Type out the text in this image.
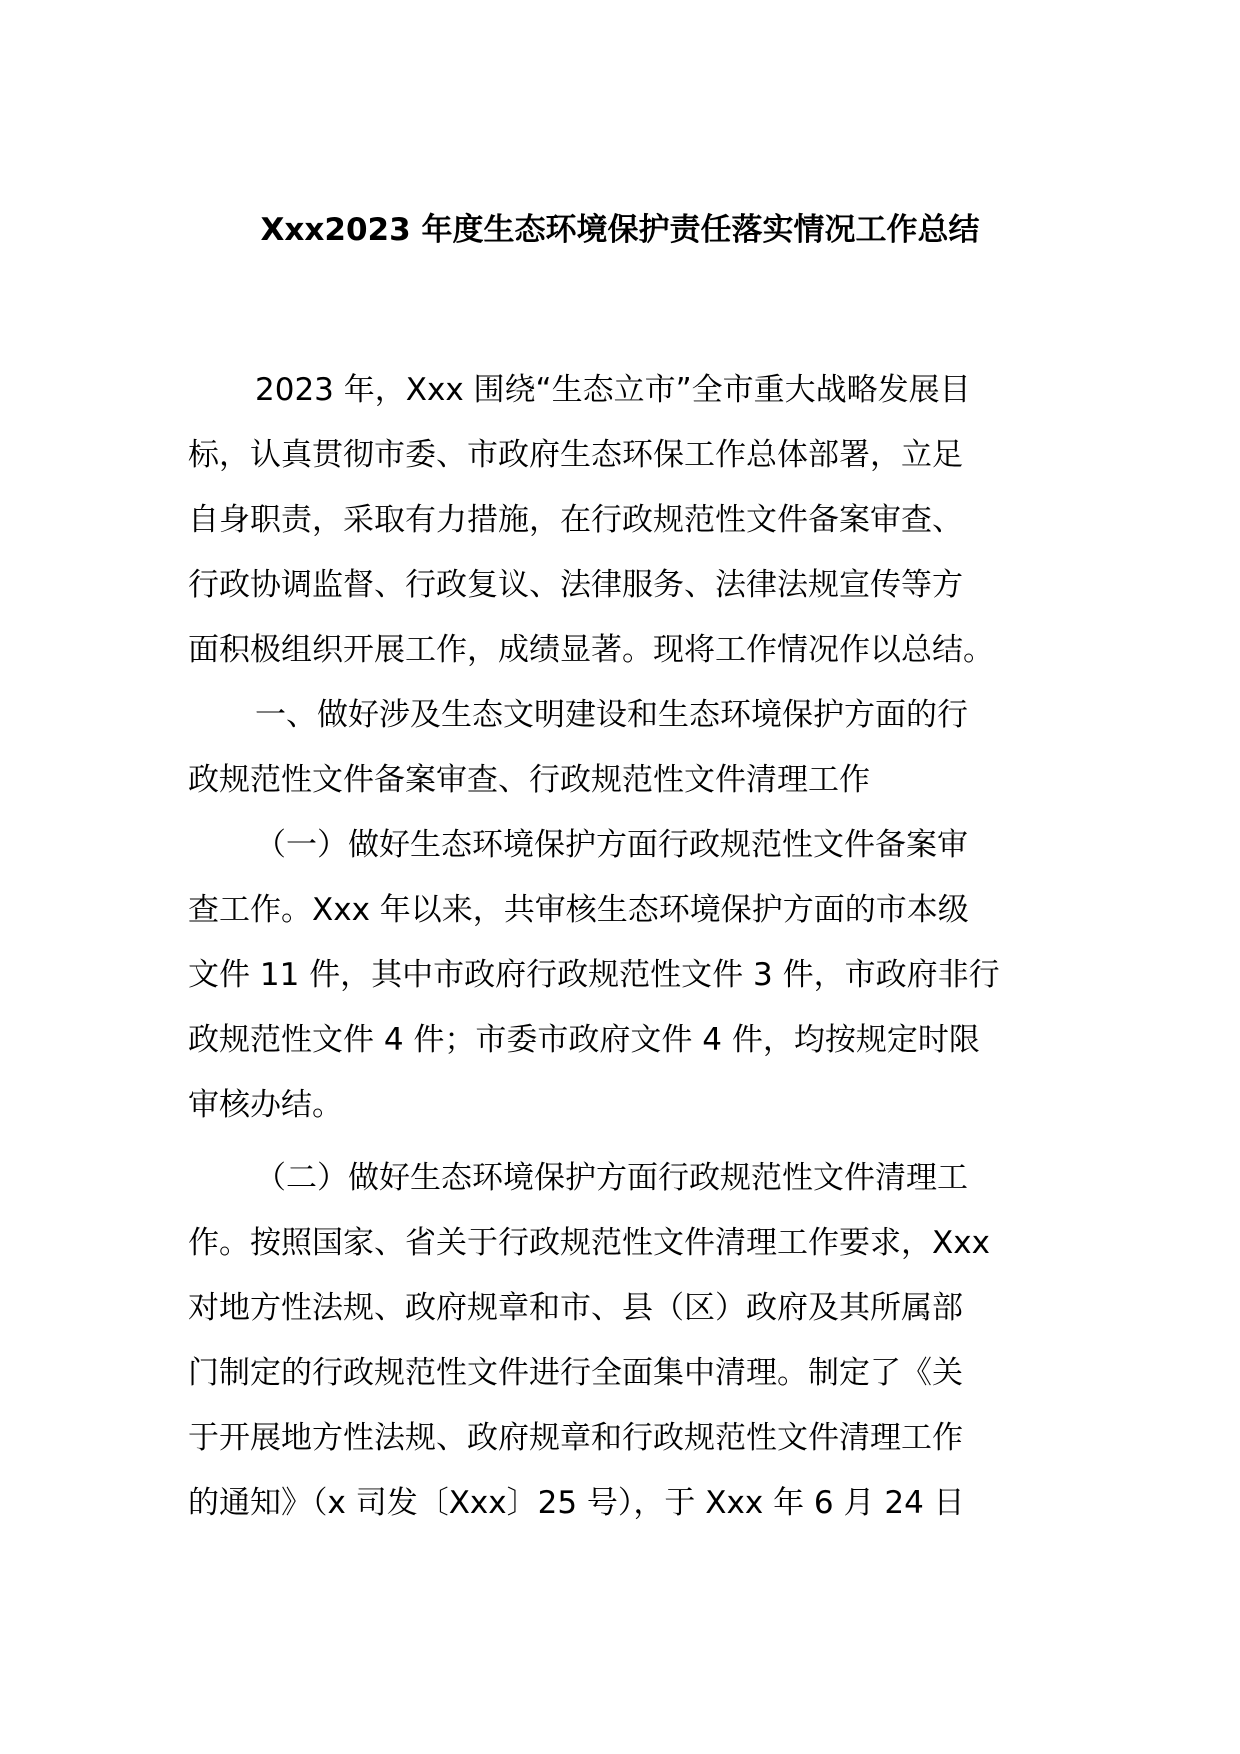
Xxx2023 年度生态环境保护责任落实情况工作总结
2023 年，Xxx 围绕“生态立市”全市重大战略发展目
标，认真贯彻市委、市政府生态环保工作总体部署，立足
自身职责，采取有力措施，在行政规范性文件备案审查、
行政协调监督、行政复议、法律服务、法律法规宣传等方
面积极组织开展工作，成绩显著。现将工作情况作以总结。
一、做好涉及生态文明建设和生态环境保护方面的行
政规范性文件备案审查、行政规范性文件清理工作
（一）做好生态环境保护方面行政规范性文件备案审
查工作。Xxx 年以来，共审核生态环境保护方面的市本级
文件 11 件，其中市政府行政规范性文件 3 件，市政府非行
政规范性文件 4 件；市委市政府文件 4 件，均按规定时限
审核办结。
（二）做好生态环境保护方面行政规范性文件清理工
作。按照国家、省关于行政规范性文件清理工作要求，Xxx
对地方性法规、政府规章和市、县（区）政府及其所属部
门制定的行政规范性文件进行全面集中清理。制定了《关
于开展地方性法规、政府规章和行政规范性文件清理工作
的通知》（x 司发〔Xxx〕25 号），于 Xxx 年 6 月 24 日
